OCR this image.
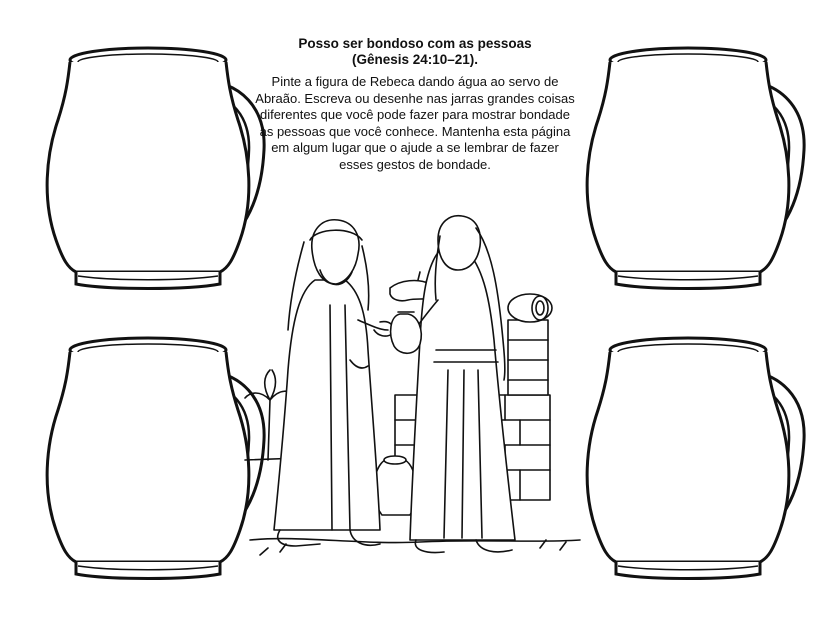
Posso ser bondoso com as pessoas

(Gênesis 24:10–21).

Pinte a figura de Rebeca dando água ao servo de Abraão. Escreva ou desenhe nas jarras grandes coisas diferentes que você pode fazer para mostrar bondade às pessoas que você conhece. Mantenha esta página em algum lugar que o ajude a se lembrar de fazer esses gestos de bondade.
